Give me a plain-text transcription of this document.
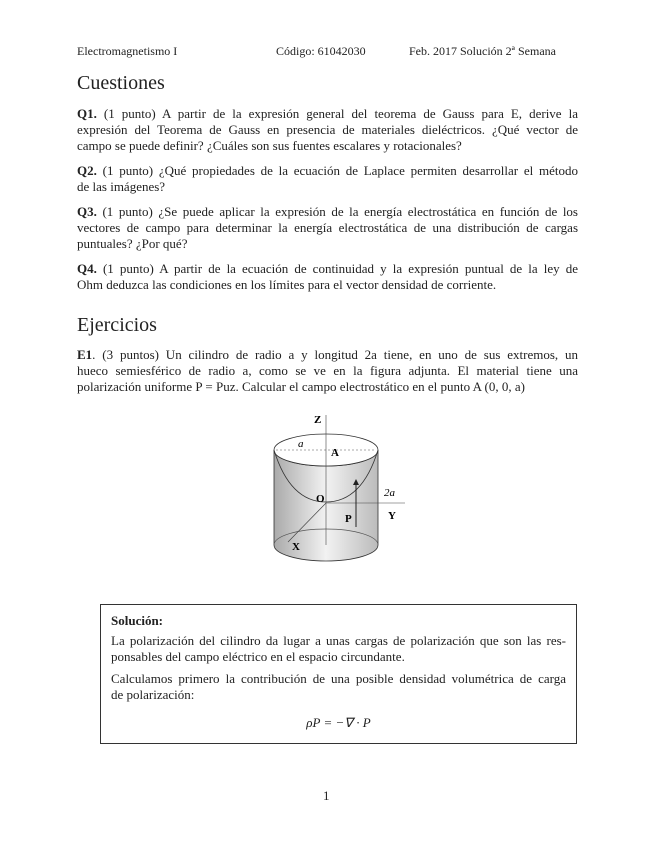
Electromagnetismo I	Código: 61042030	Feb. 2017 Solución 2ª Semana
Cuestiones
Q1. (1 punto) A partir de la expresión general del teorema de Gauss para E, derive la
expresión del Teorema de Gauss en presencia de materiales dieléctricos. ¿Qué vector de
campo se puede definir? ¿Cuáles son sus fuentes escalares y rotacionales?
Q2. (1 punto) ¿Qué propiedades de la ecuación de Laplace permiten desarrollar el método
de las imágenes?
Q3. (1 punto) ¿Se puede aplicar la expresión de la energía electrostática en función de los
vectores de campo para determinar la energía electrostática de una distribución de cargas
puntuales? ¿Por qué?
Q4. (1 punto) A partir de la ecuación de continuidad y la expresión puntual de la ley de
Ohm deduzca las condiciones en los límites para el vector densidad de corriente.
Ejercicios
E1. (3 puntos) Un cilindro de radio a y longitud 2a tiene, en uno de sus extremos, un
hueco semiesférico de radio a, como se ve en la figura adjunta. El material tiene una
polarización uniforme P = Puz. Calcular el campo electrostático en el punto A (0, 0, a)
Z
a
A
O	2a
P	Y
X
Solución:
La polarización del cilindro da lugar a unas cargas de polarización que son las res-
ponsables del campo eléctrico en el espacio circundante.
Calculamos primero la contribución de una posible densidad volumétrica de carga
de polarización:
ρP = −∇ · P
1
